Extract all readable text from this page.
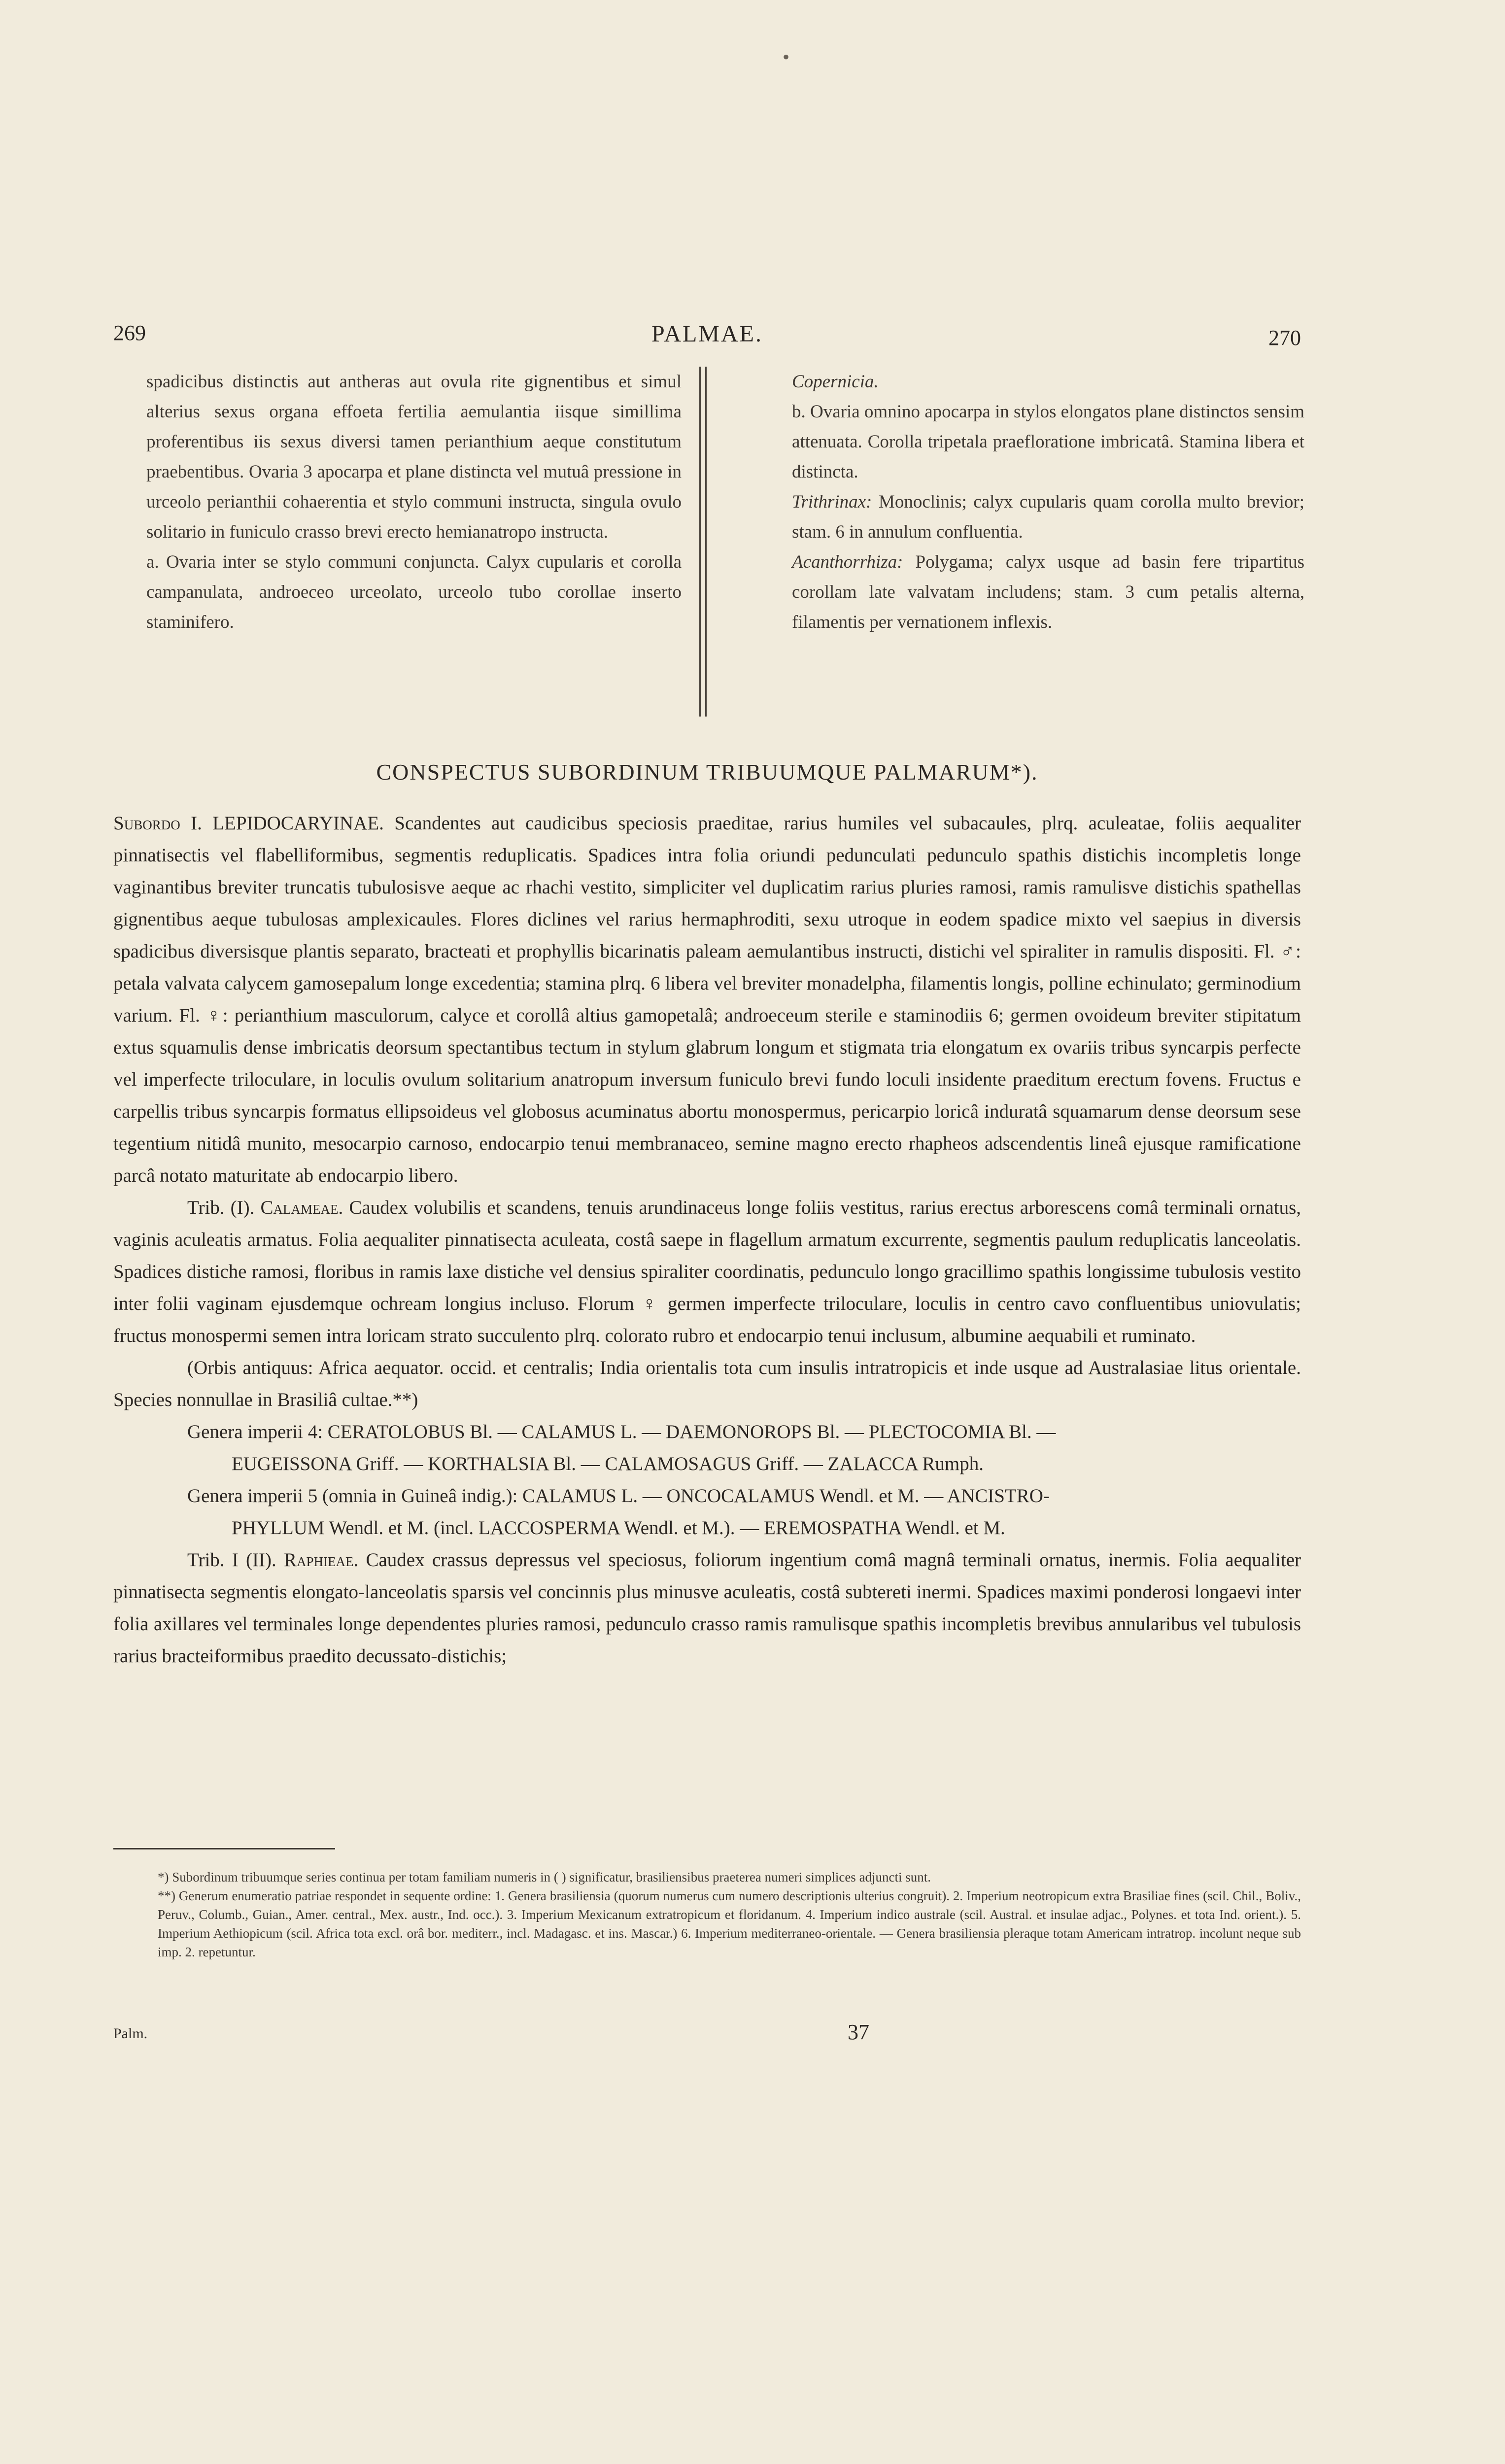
•
269	PALMAE.	270

spadicibus distinctis aut antheras aut ovula rite gignentibus et simul alterius sexus organa effoeta fertilia aemulantia iisque simillima proferentibus iis sexus diversi tamen perianthium aeque constitutum praebentibus. Ovaria 3 apocarpa et plane distincta vel mutuâ pressione in urceolo perianthii cohaerentia et stylo communi instructa, singula ovulo solitario in funiculo crasso brevi erecto hemianatropo instructa.

a. Ovaria inter se stylo communi conjuncta. Calyx cupularis et corolla campanulata, androeceo urceolato, urceolo tubo corollae inserto staminifero.

Copernicia.

b. Ovaria omnino apocarpa in stylos elongatos plane distinctos sensim attenuata. Corolla tripetala praefloratione imbricatâ. Stamina libera et distincta.

Trithrinax: Monoclinis; calyx cupularis quam corolla multo brevior; stam. 6 in annulum confluentia.

Acanthorrhiza: Polygama; calyx usque ad basin fere tripartitus corollam late valvatam includens; stam. 3 cum petalis alterna, filamentis per vernationem inflexis.

CONSPECTUS SUBORDINUM TRIBUUMQUE PALMARUM*).

Subordo I. LEPIDOCARYINAE. Scandentes aut caudicibus speciosis praeditae, rarius humiles vel subacaules, plrq. aculeatae, foliis aequaliter pinnatisectis vel flabelliformibus, segmentis reduplicatis. Spadices intra folia oriundi pedunculati pedunculo spathis distichis incompletis longe vaginantibus breviter truncatis tubulosisve aeque ac rhachi vestito, simpliciter vel duplicatim rarius pluries ramosi, ramis ramulisve distichis spathellas gignentibus aeque tubulosas amplexicaules. Flores diclines vel rarius hermaphroditi, sexu utroque in eodem spadice mixto vel saepius in diversis spadicibus diversisque plantis separato, bracteati et prophyllis bicarinatis paleam aemulantibus instructi, distichi vel spiraliter in ramulis dispositi. Fl. ♂: petala valvata calycem gamosepalum longe excedentia; stamina plrq. 6 libera vel breviter monadelpha, filamentis longis, polline echinulato; germinodium varium. Fl. ♀: perianthium masculorum, calyce et corollâ altius gamopetalâ; androeceum sterile e staminodiis 6; germen ovoideum breviter stipitatum extus squamulis dense imbricatis deorsum spectantibus tectum in stylum glabrum longum et stigmata tria elongatum ex ovariis tribus syncarpis perfecte vel imperfecte triloculare, in loculis ovulum solitarium anatropum inversum funiculo brevi fundo loculi insidente praeditum erectum fovens. Fructus e carpellis tribus syncarpis formatus ellipsoideus vel globosus acuminatus abortu monospermus, pericarpio loricâ induratâ squamarum dense deorsum sese tegentium nitidâ munito, mesocarpio carnoso, endocarpio tenui membranaceo, semine magno erecto rhapheos adscendentis lineâ ejusque ramificatione parcâ notato maturitate ab endocarpio libero.

Trib. (I). Calameae. Caudex volubilis et scandens, tenuis arundinaceus longe foliis vestitus, rarius erectus arborescens comâ terminali ornatus, vaginis aculeatis armatus. Folia aequaliter pinnatisecta aculeata, costâ saepe in flagellum armatum excurrente, segmentis paulum reduplicatis lanceolatis. Spadices distiche ramosi, floribus in ramis laxe distiche vel densius spiraliter coordinatis, pedunculo longo gracillimo spathis longissime tubulosis vestito inter folii vaginam ejusdemque ochream longius incluso. Florum ♀ germen imperfecte triloculare, loculis in centro cavo confluentibus uniovulatis; fructus monospermi semen intra loricam strato succulento plrq. colorato rubro et endocarpio tenui inclusum, albumine aequabili et ruminato.

(Orbis antiquus: Africa aequator. occid. et centralis; India orientalis tota cum insulis intratropicis et inde usque ad Australasiae litus orientale. Species nonnullae in Brasiliâ cultae.**)

Genera imperii 4: CERATOLOBUS Bl. — CALAMUS L. — DAEMONOROPS Bl. — PLECTOCOMIA Bl. —

EUGEISSONA Griff. — KORTHALSIA Bl. — CALAMOSAGUS Griff. — ZALACCA Rumph.

Genera imperii 5 (omnia in Guineâ indig.): CALAMUS L. — ONCOCALAMUS Wendl. et M. — ANCISTRO-

PHYLLUM Wendl. et M. (incl. LACCOSPERMA Wendl. et M.). — EREMOSPATHA Wendl. et M.

Trib. I (II). Raphieae. Caudex crassus depressus vel speciosus, foliorum ingentium comâ magnâ terminali ornatus, inermis. Folia aequaliter pinnatisecta segmentis elongato-lanceolatis sparsis vel concinnis plus minusve aculeatis, costâ subtereti inermi. Spadices maximi ponderosi longaevi inter folia axillares vel terminales longe dependentes pluries ramosi, pedunculo crasso ramis ramulisque spathis incompletis brevibus annularibus vel tubulosis rarius bracteiformibus praedito decussato-distichis;

*) Subordinum tribuumque series continua per totam familiam numeris in ( ) significatur, brasiliensibus praeterea numeri simplices adjuncti sunt.

**) Generum enumeratio patriae respondet in sequente ordine: 1. Genera brasiliensia (quorum numerus cum numero descriptionis ulterius congruit). 2. Imperium neotropicum extra Brasiliae fines (scil. Chil., Boliv., Peruv., Columb., Guian., Amer. central., Mex. austr., Ind. occ.). 3. Imperium Mexicanum extratropicum et floridanum. 4. Imperium indico australe (scil. Austral. et insulae adjac., Polynes. et tota Ind. orient.). 5. Imperium Aethiopicum (scil. Africa tota excl. orâ bor. mediterr., incl. Madagasc. et ins. Mascar.) 6. Imperium mediterraneo-orientale. — Genera brasiliensia pleraque totam Americam intratrop. incolunt neque sub imp. 2. repetuntur.

Palm.	37
